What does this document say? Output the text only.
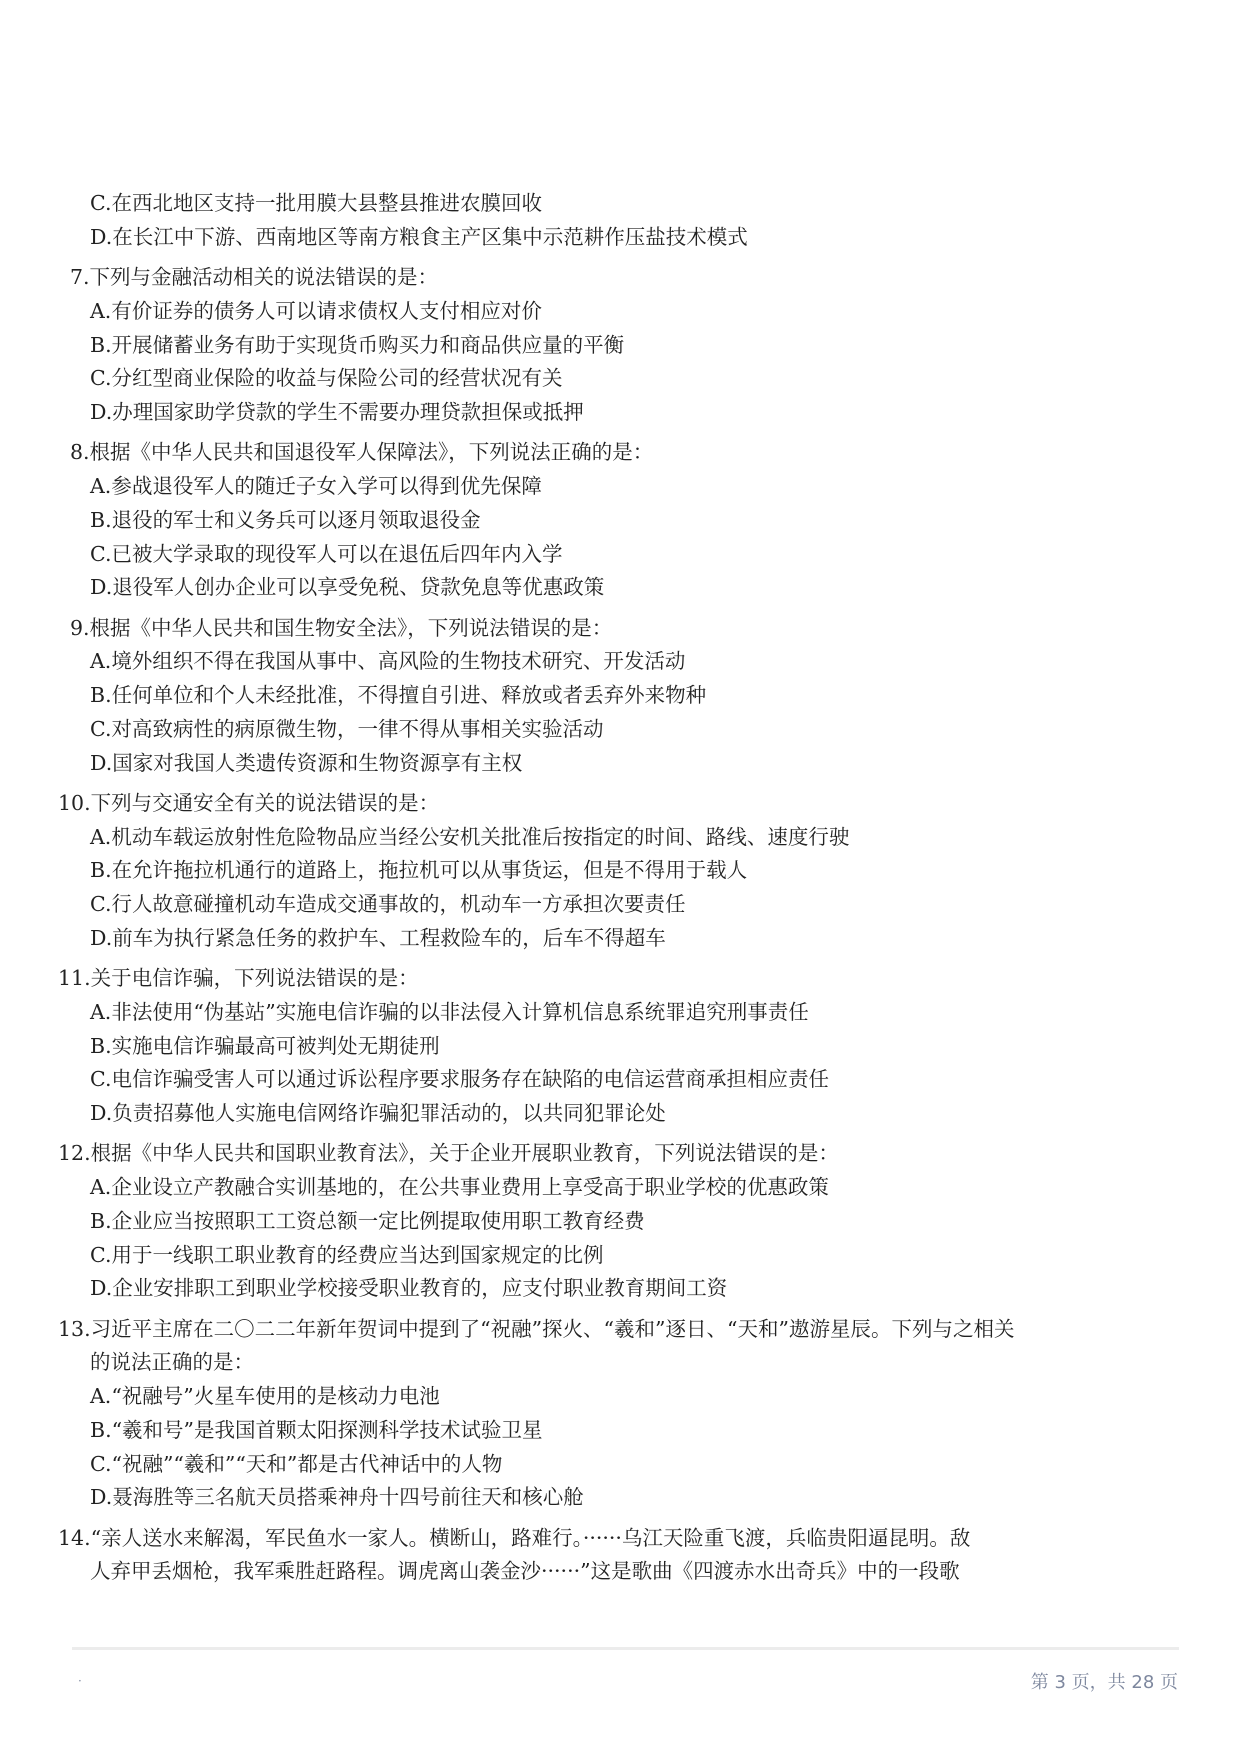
C.在西北地区支持一批用膜大县整县推进农膜回收
D.在长江中下游、西南地区等南方粮食主产区集中示范耕作压盐技术模式
7.下列与金融活动相关的说法错误的是：
A.有价证券的债务人可以请求债权人支付相应对价
B.开展储蓄业务有助于实现货币购买力和商品供应量的平衡
C.分红型商业保险的收益与保险公司的经营状况有关
D.办理国家助学贷款的学生不需要办理贷款担保或抵押
8.根据《中华人民共和国退役军人保障法》，下列说法正确的是：
A.参战退役军人的随迁子女入学可以得到优先保障
B.退役的军士和义务兵可以逐月领取退役金
C.已被大学录取的现役军人可以在退伍后四年内入学
D.退役军人创办企业可以享受免税、贷款免息等优惠政策
9.根据《中华人民共和国生物安全法》，下列说法错误的是：
A.境外组织不得在我国从事中、高风险的生物技术研究、开发活动
B.任何单位和个人未经批准，不得擅自引进、释放或者丢弃外来物种
C.对高致病性的病原微生物，一律不得从事相关实验活动
D.国家对我国人类遗传资源和生物资源享有主权
10.下列与交通安全有关的说法错误的是：
A.机动车载运放射性危险物品应当经公安机关批准后按指定的时间、路线、速度行驶
B.在允许拖拉机通行的道路上，拖拉机可以从事货运，但是不得用于载人
C.行人故意碰撞机动车造成交通事故的，机动车一方承担次要责任
D.前车为执行紧急任务的救护车、工程救险车的，后车不得超车
11.关于电信诈骗，下列说法错误的是：
A.非法使用“伪基站”实施电信诈骗的以非法侵入计算机信息系统罪追究刑事责任
B.实施电信诈骗最高可被判处无期徒刑
C.电信诈骗受害人可以通过诉讼程序要求服务存在缺陷的电信运营商承担相应责任
D.负责招募他人实施电信网络诈骗犯罪活动的，以共同犯罪论处
12.根据《中华人民共和国职业教育法》，关于企业开展职业教育，下列说法错误的是：
A.企业设立产教融合实训基地的，在公共事业费用上享受高于职业学校的优惠政策
B.企业应当按照职工工资总额一定比例提取使用职工教育经费
C.用于一线职工职业教育的经费应当达到国家规定的比例
D.企业安排职工到职业学校接受职业教育的，应支付职业教育期间工资
13.习近平主席在二〇二二年新年贺词中提到了“祝融”探火、“羲和”逐日、“天和”遨游星辰。下列与之相关
的说法正确的是：
A.“祝融号”火星车使用的是核动力电池
B.“羲和号”是我国首颗太阳探测科学技术试验卫星
C.“祝融”“羲和”“天和”都是古代神话中的人物
D.聂海胜等三名航天员搭乘神舟十四号前往天和核心舱
14.“亲人送水来解渴，军民鱼水一家人。横断山，路难行。······乌江天险重飞渡，兵临贵阳逼昆明。敌
人弃甲丢烟枪，我军乘胜赶路程。调虎离山袭金沙······”这是歌曲《四渡赤水出奇兵》中的一段歌
·	第 3 页，共 28 页
